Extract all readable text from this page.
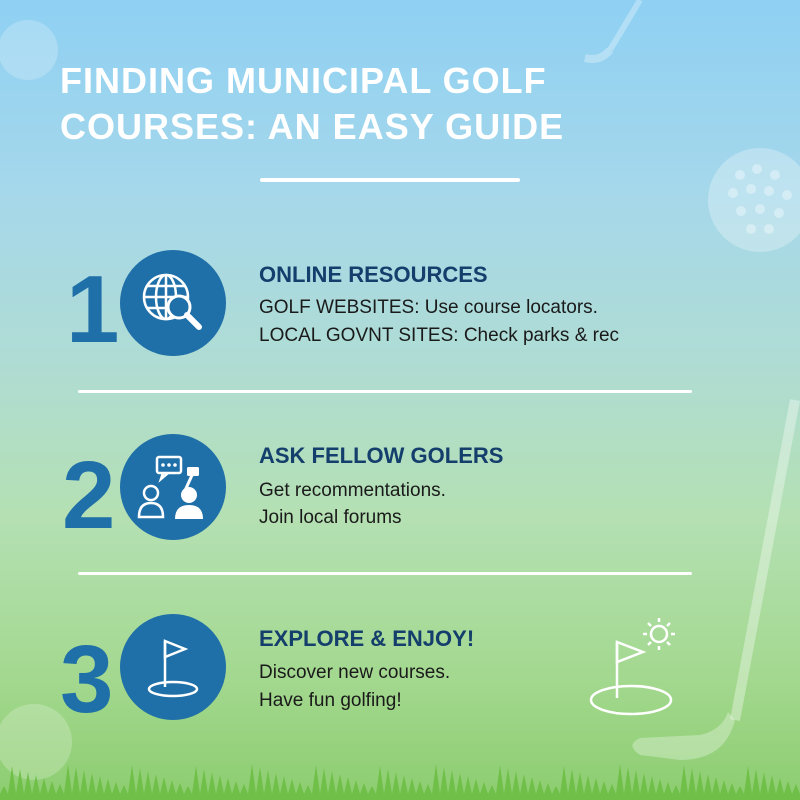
FINDING MUNICIPAL GOLF
COURSES: AN EASY GUIDE
1	ONLINE RESOURCES

GOLF WEBSITES: Use course locators.

LOCAL GOVNT SITES: Check parks & rec

2	ASK FELLOW GOLERS

Get recommentations.

Join local forums

3	EXPLORE & ENJOY!

Discover new courses.

Have fun golfing!
